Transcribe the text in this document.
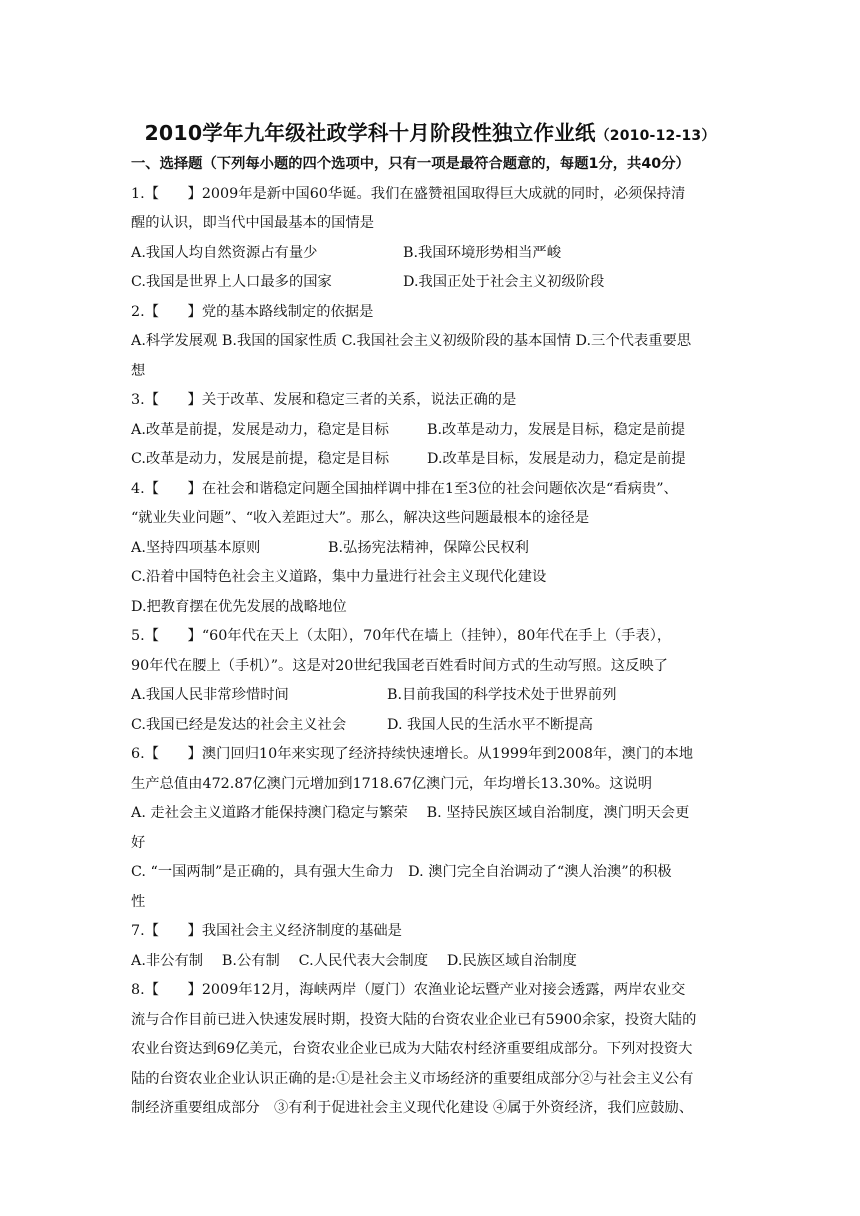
2010学年九年级社政学科十月阶段性独立作业纸（2010-12-13）
一、选择题（下列每小题的四个选项中，只有一项是最符合题意的，每题1分，共40分）
1.【　　】2009年是新中国60华诞。我们在盛赞祖国取得巨大成就的同时，必须保持清
醒的认识，即当代中国最基本的国情是
A.我国人均自然资源占有量少	B.我国环境形势相当严峻
C.我国是世界上人口最多的国家	D.我国正处于社会主义初级阶段
2.【　　】党的基本路线制定的依据是
A.科学发展观 B.我国的国家性质 C.我国社会主义初级阶段的基本国情 D.三个代表重要思
想
3.【　　】关于改革、发展和稳定三者的关系，说法正确的是
A.改革是前提，发展是动力，稳定是目标	B.改革是动力，发展是目标，稳定是前提
C.改革是动力，发展是前提，稳定是目标	D.改革是目标，发展是动力，稳定是前提
4.【　　】在社会和谐稳定问题全国抽样调中排在1至3位的社会问题依次是“看病贵”、
“就业失业问题”、“收入差距过大”。那么，解决这些问题最根本的途径是
A.坚持四项基本原则	B.弘扬宪法精神，保障公民权利
C.沿着中国特色社会主义道路，集中力量进行社会主义现代化建设
D.把教育摆在优先发展的战略地位
5.【　　】“60年代在天上（太阳），70年代在墙上（挂钟），80年代在手上（手表），
90年代在腰上（手机）”。这是对20世纪我国老百姓看时间方式的生动写照。这反映了
A.我国人民非常珍惜时间	B.目前我国的科学技术处于世界前列
C.我国已经是发达的社会主义社会	D. 我国人民的生活水平不断提高
6.【　　】澳门回归10年来实现了经济持续快速增长。从1999年到2008年，澳门的本地
生产总值由472.87亿澳门元增加到1718.67亿澳门元，年均增长13.30%。这说明
A. 走社会主义道路才能保持澳门稳定与繁荣　 B. 坚持民族区域自治制度，澳门明天会更
好
C. “一国两制”是正确的，具有强大生命力　D. 澳门完全自治调动了“澳人治澳”的积极
性
7.【　　】我国社会主义经济制度的基础是
A.非公有制　 B.公有制　 C.人民代表大会制度　 D.民族区域自治制度
8.【　　】2009年12月，海峡两岸（厦门）农渔业论坛暨产业对接会透露，两岸农业交
流与合作目前已进入快速发展时期，投资大陆的台资农业企业已有5900余家，投资大陆的
农业台资达到69亿美元，台资农业企业已成为大陆农村经济重要组成部分。下列对投资大
陆的台资农业企业认识正确的是:①是社会主义市场经济的重要组成部分②与社会主义公有
制经济重要组成部分　③有利于促进社会主义现代化建设 ④属于外资经济，我们应鼓励、
